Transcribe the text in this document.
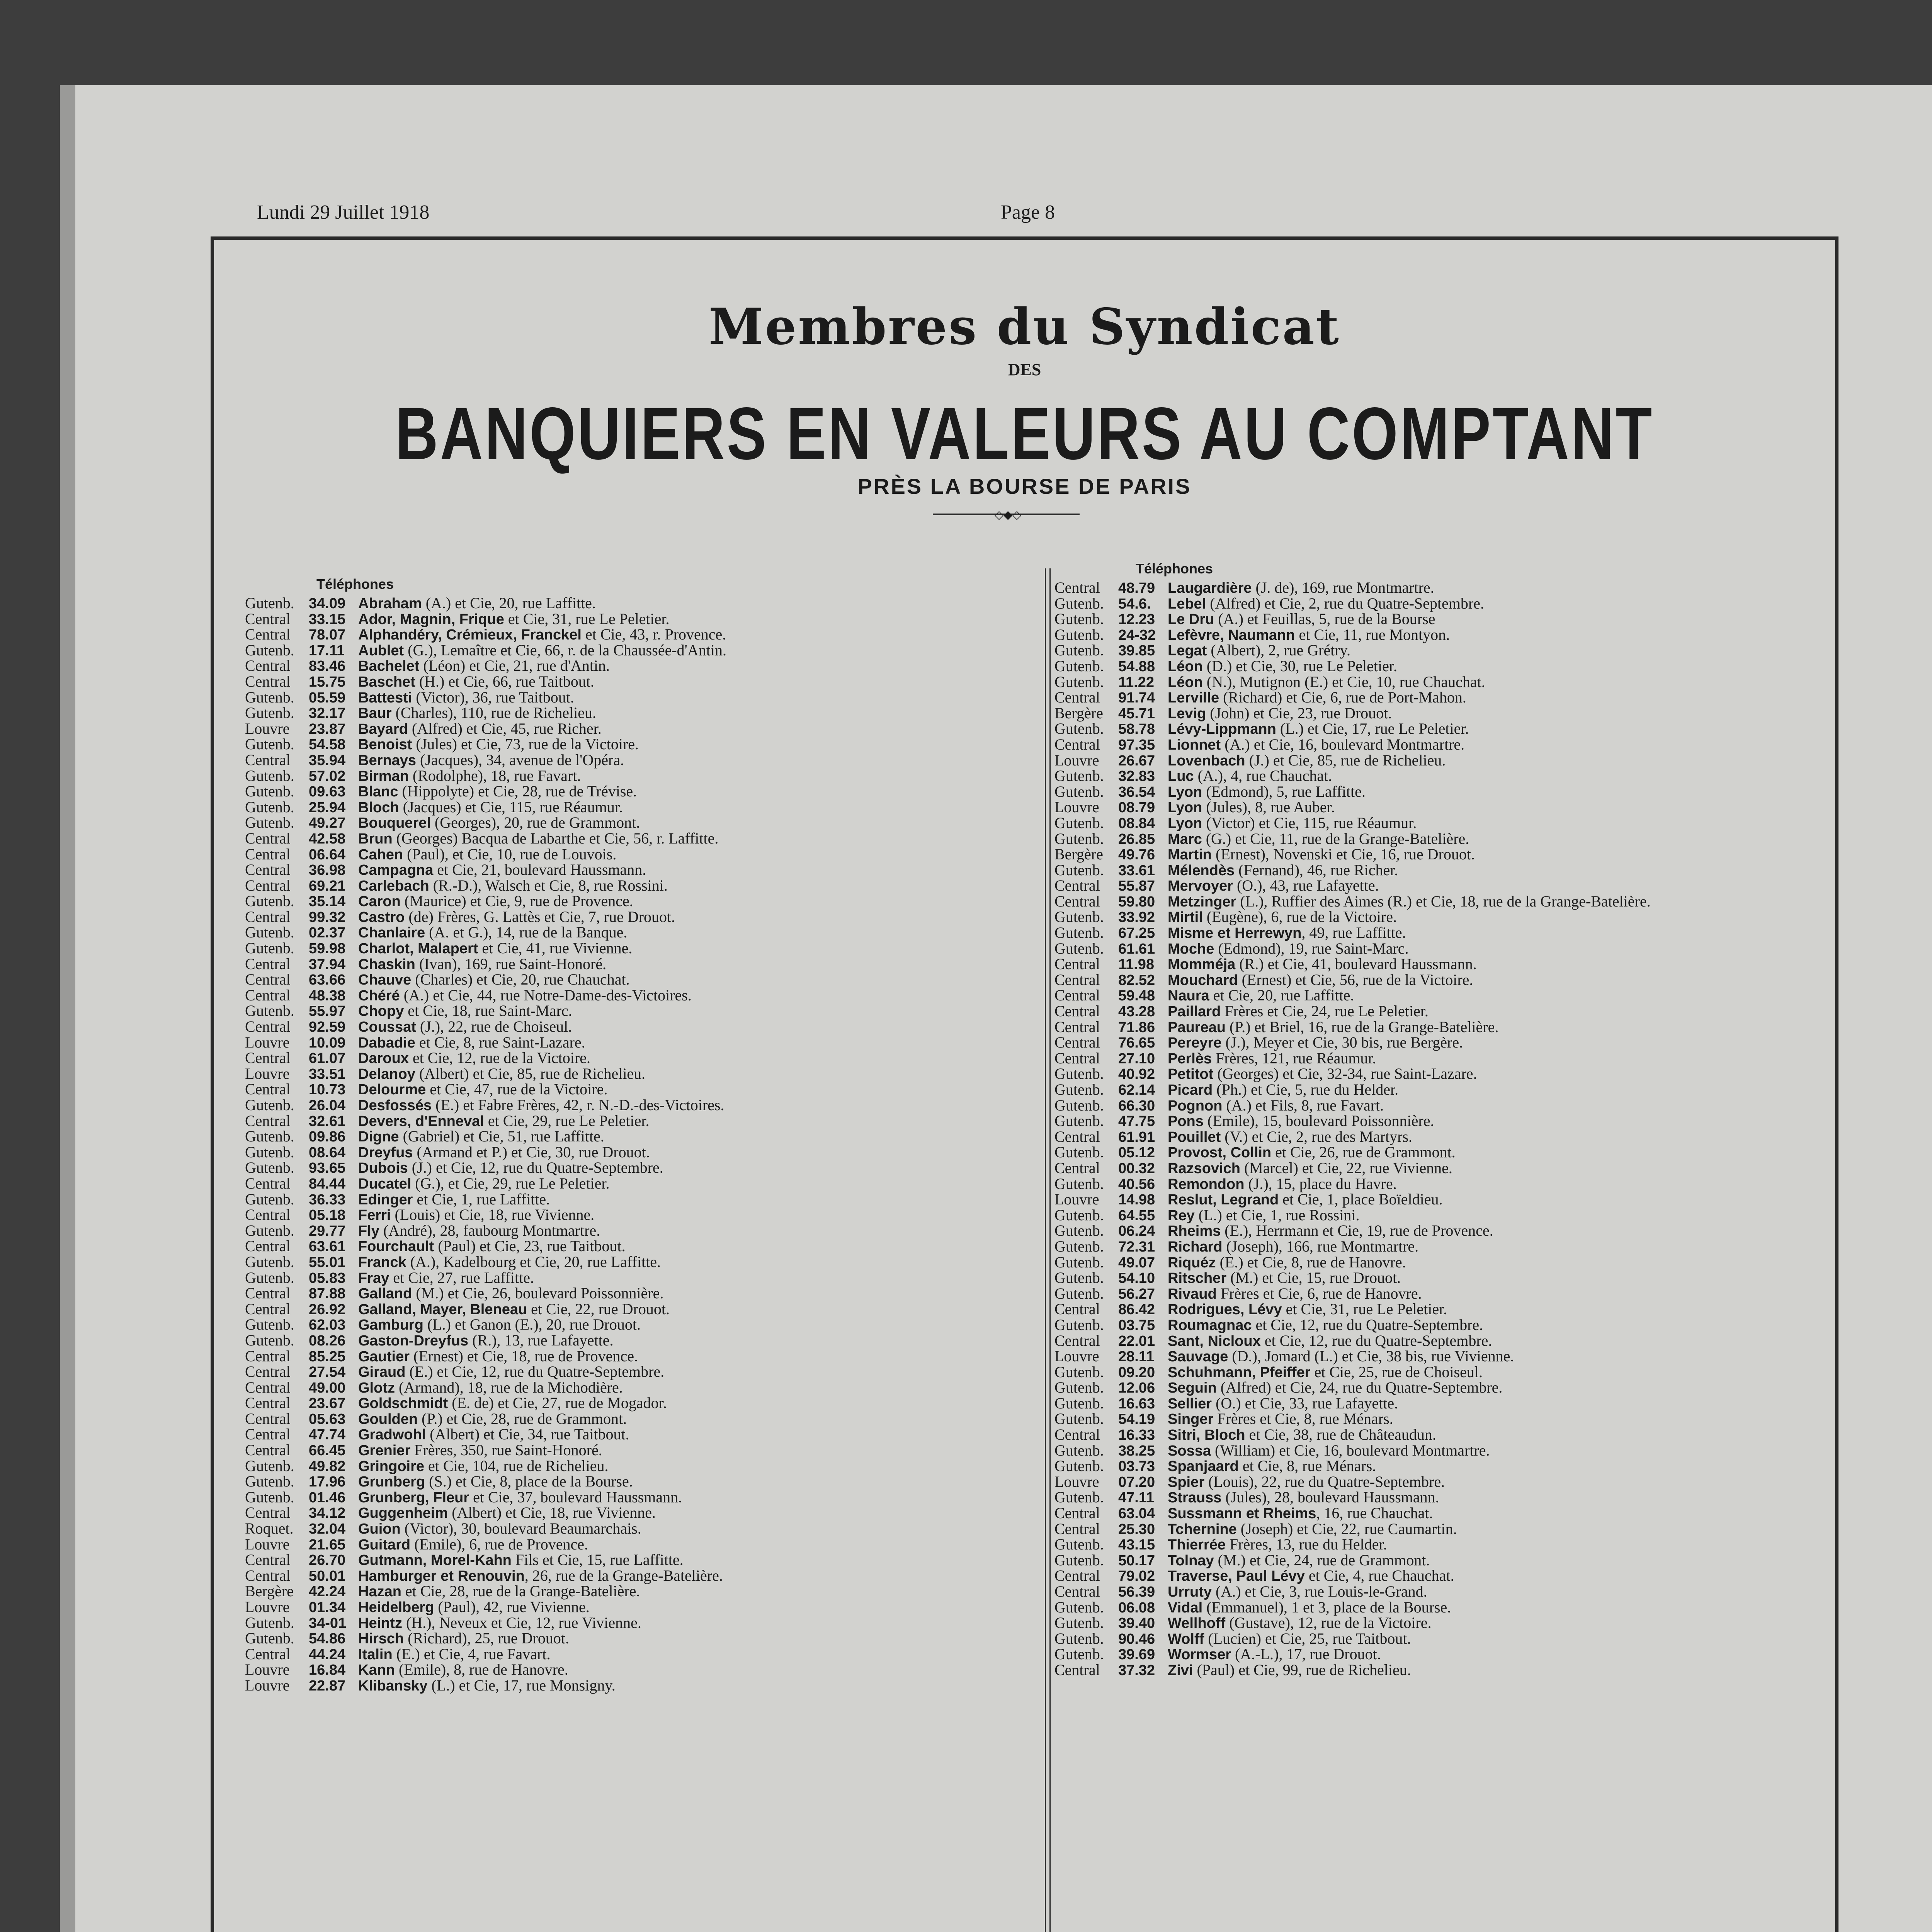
Lundi 29 Juillet 1918	Page 8
Membres du Syndicat
DES
BANQUIERS EN VALEURS AU COMPTANT
PRÈS LA BOURSE DE PARIS
◇◆◇
Téléphones
Téléphones
Gutenb. 34.09 Abraham (A.) et Cie, 20, rue Laffitte.
Central 33.15 Ador, Magnin, Frique et Cie, 31, rue Le Peletier.
Central 78.07 Alphandéry, Crémieux, Franckel et Cie, 43, r. Provence.
Gutenb. 17.11 Aublet (G.), Lemaître et Cie, 66, r. de la Chaussée-d'Antin.
Central 83.46 Bachelet (Léon) et Cie, 21, rue d'Antin.
Central 15.75 Baschet (H.) et Cie, 66, rue Taitbout.
Gutenb. 05.59 Battesti (Victor), 36, rue Taitbout.
Gutenb. 32.17 Baur (Charles), 110, rue de Richelieu.
Louvre 23.87 Bayard (Alfred) et Cie, 45, rue Richer.
Gutenb. 54.58 Benoist (Jules) et Cie, 73, rue de la Victoire.
Central 35.94 Bernays (Jacques), 34, avenue de l'Opéra.
Gutenb. 57.02 Birman (Rodolphe), 18, rue Favart.
Gutenb. 09.63 Blanc (Hippolyte) et Cie, 28, rue de Trévise.
Gutenb. 25.94 Bloch (Jacques) et Cie, 115, rue Réaumur.
Gutenb. 49.27 Bouquerel (Georges), 20, rue de Grammont.
Central 42.58 Brun (Georges) Bacqua de Labarthe et Cie, 56, r. Laffitte.
Central 06.64 Cahen (Paul), et Cie, 10, rue de Louvois.
Central 36.98 Campagna et Cie, 21, boulevard Haussmann.
Central 69.21 Carlebach (R.-D.), Walsch et Cie, 8, rue Rossini.
Gutenb. 35.14 Caron (Maurice) et Cie, 9, rue de Provence.
Central 99.32 Castro (de) Frères, G. Lattès et Cie, 7, rue Drouot.
Gutenb. 02.37 Chanlaire (A. et G.), 14, rue de la Banque.
Gutenb. 59.98 Charlot, Malapert et Cie, 41, rue Vivienne.
Central 37.94 Chaskin (Ivan), 169, rue Saint-Honoré.
Central 63.66 Chauve (Charles) et Cie, 20, rue Chauchat.
Central 48.38 Chéré (A.) et Cie, 44, rue Notre-Dame-des-Victoires.
Gutenb. 55.97 Chopy et Cie, 18, rue Saint-Marc.
Central 92.59 Coussat (J.), 22, rue de Choiseul.
Louvre 10.09 Dabadie et Cie, 8, rue Saint-Lazare.
Central 61.07 Daroux et Cie, 12, rue de la Victoire.
Louvre 33.51 Delanoy (Albert) et Cie, 85, rue de Richelieu.
Central 10.73 Delourme et Cie, 47, rue de la Victoire.
Gutenb. 26.04 Desfossés (E.) et Fabre Frères, 42, r. N.-D.-des-Victoires.
Central 32.61 Devers, d'Enneval et Cie, 29, rue Le Peletier.
Gutenb. 09.86 Digne (Gabriel) et Cie, 51, rue Laffitte.
Gutenb. 08.64 Dreyfus (Armand et P.) et Cie, 30, rue Drouot.
Gutenb. 93.65 Dubois (J.) et Cie, 12, rue du Quatre-Septembre.
Central 84.44 Ducatel (G.), et Cie, 29, rue Le Peletier.
Gutenb. 36.33 Edinger et Cie, 1, rue Laffitte.
Central 05.18 Ferri (Louis) et Cie, 18, rue Vivienne.
Gutenb. 29.77 Fly (André), 28, faubourg Montmartre.
Central 63.61 Fourchault (Paul) et Cie, 23, rue Taitbout.
Gutenb. 55.01 Franck (A.), Kadelbourg et Cie, 20, rue Laffitte.
Gutenb. 05.83 Fray et Cie, 27, rue Laffitte.
Central 87.88 Galland (M.) et Cie, 26, boulevard Poissonnière.
Central 26.92 Galland, Mayer, Bleneau et Cie, 22, rue Drouot.
Gutenb. 62.03 Gamburg (L.) et Ganon (E.), 20, rue Drouot.
Gutenb. 08.26 Gaston-Dreyfus (R.), 13, rue Lafayette.
Central 85.25 Gautier (Ernest) et Cie, 18, rue de Provence.
Central 27.54 Giraud (E.) et Cie, 12, rue du Quatre-Septembre.
Central 49.00 Glotz (Armand), 18, rue de la Michodière.
Central 23.67 Goldschmidt (E. de) et Cie, 27, rue de Mogador.
Central 05.63 Goulden (P.) et Cie, 28, rue de Grammont.
Central 47.74 Gradwohl (Albert) et Cie, 34, rue Taitbout.
Central 66.45 Grenier Frères, 350, rue Saint-Honoré.
Gutenb. 49.82 Gringoire et Cie, 104, rue de Richelieu.
Gutenb. 17.96 Grunberg (S.) et Cie, 8, place de la Bourse.
Gutenb. 01.46 Grunberg, Fleur et Cie, 37, boulevard Haussmann.
Central 34.12 Guggenheim (Albert) et Cie, 18, rue Vivienne.
Roquet. 32.04 Guion (Victor), 30, boulevard Beaumarchais.
Louvre 21.65 Guitard (Emile), 6, rue de Provence.
Central 26.70 Gutmann, Morel-Kahn Fils et Cie, 15, rue Laffitte.
Central 50.01 Hamburger et Renouvin, 26, rue de la Grange-Batelière.
Bergère 42.24 Hazan et Cie, 28, rue de la Grange-Batelière.
Louvre 01.34 Heidelberg (Paul), 42, rue Vivienne.
Gutenb. 34-01 Heintz (H.), Neveux et Cie, 12, rue Vivienne.
Gutenb. 54.86 Hirsch (Richard), 25, rue Drouot.
Central 44.24 Italin (E.) et Cie, 4, rue Favart.
Louvre 16.84 Kann (Emile), 8, rue de Hanovre.
Louvre 22.87 Klibansky (L.) et Cie, 17, rue Monsigny.
Central 48.79 Laugardière (J. de), 169, rue Montmartre.
Gutenb. 54.6. Lebel (Alfred) et Cie, 2, rue du Quatre-Septembre.
Gutenb. 12.23 Le Dru (A.) et Feuillas, 5, rue de la Bourse
Gutenb. 24-32 Lefèvre, Naumann et Cie, 11, rue Montyon.
Gutenb. 39.85 Legat (Albert), 2, rue Grétry.
Gutenb. 54.88 Léon (D.) et Cie, 30, rue Le Peletier.
Gutenb. 11.22 Léon (N.), Mutignon (E.) et Cie, 10, rue Chauchat.
Central 91.74 Lerville (Richard) et Cie, 6, rue de Port-Mahon.
Bergère 45.71 Levig (John) et Cie, 23, rue Drouot.
Gutenb. 58.78 Lévy-Lippmann (L.) et Cie, 17, rue Le Peletier.
Central 97.35 Lionnet (A.) et Cie, 16, boulevard Montmartre.
Louvre 26.67 Lovenbach (J.) et Cie, 85, rue de Richelieu.
Gutenb. 32.83 Luc (A.), 4, rue Chauchat.
Gutenb. 36.54 Lyon (Edmond), 5, rue Laffitte.
Louvre 08.79 Lyon (Jules), 8, rue Auber.
Gutenb. 08.84 Lyon (Victor) et Cie, 115, rue Réaumur.
Gutenb. 26.85 Marc (G.) et Cie, 11, rue de la Grange-Batelière.
Bergère 49.76 Martin (Ernest), Novenski et Cie, 16, rue Drouot.
Gutenb. 33.61 Mélendès (Fernand), 46, rue Richer.
Central 55.87 Mervoyer (O.), 43, rue Lafayette.
Central 59.80 Metzinger (L.), Ruffier des Aimes (R.) et Cie, 18, rue de la Grange-Batelière.
Gutenb. 33.92 Mirtil (Eugène), 6, rue de la Victoire.
Gutenb. 67.25 Misme et Herrewyn, 49, rue Laffitte.
Gutenb. 61.61 Moche (Edmond), 19, rue Saint-Marc.
Central 11.98 Momméja (R.) et Cie, 41, boulevard Haussmann.
Central 82.52 Mouchard (Ernest) et Cie, 56, rue de la Victoire.
Central 59.48 Naura et Cie, 20, rue Laffitte.
Central 43.28 Paillard Frères et Cie, 24, rue Le Peletier.
Central 71.86 Paureau (P.) et Briel, 16, rue de la Grange-Batelière.
Central 76.65 Pereyre (J.), Meyer et Cie, 30 bis, rue Bergère.
Central 27.10 Perlès Frères, 121, rue Réaumur.
Gutenb. 40.92 Petitot (Georges) et Cie, 32-34, rue Saint-Lazare.
Gutenb. 62.14 Picard (Ph.) et Cie, 5, rue du Helder.
Gutenb. 66.30 Pognon (A.) et Fils, 8, rue Favart.
Gutenb. 47.75 Pons (Emile), 15, boulevard Poissonnière.
Central 61.91 Pouillet (V.) et Cie, 2, rue des Martyrs.
Gutenb. 05.12 Provost, Collin et Cie, 26, rue de Grammont.
Central 00.32 Razsovich (Marcel) et Cie, 22, rue Vivienne.
Gutenb. 40.56 Remondon (J.), 15, place du Havre.
Louvre 14.98 Reslut, Legrand et Cie, 1, place Boïeldieu.
Gutenb. 64.55 Rey (L.) et Cie, 1, rue Rossini.
Gutenb. 06.24 Rheims (E.), Herrmann et Cie, 19, rue de Provence.
Gutenb. 72.31 Richard (Joseph), 166, rue Montmartre.
Gutenb. 49.07 Riquéz (E.) et Cie, 8, rue de Hanovre.
Gutenb. 54.10 Ritscher (M.) et Cie, 15, rue Drouot.
Gutenb. 56.27 Rivaud Frères et Cie, 6, rue de Hanovre.
Central 86.42 Rodrigues, Lévy et Cie, 31, rue Le Peletier.
Gutenb. 03.75 Roumagnac et Cie, 12, rue du Quatre-Septembre.
Central 22.01 Sant, Nicloux et Cie, 12, rue du Quatre-Septembre.
Louvre 28.11 Sauvage (D.), Jomard (L.) et Cie, 38 bis, rue Vivienne.
Gutenb. 09.20 Schuhmann, Pfeiffer et Cie, 25, rue de Choiseul.
Gutenb. 12.06 Seguin (Alfred) et Cie, 24, rue du Quatre-Septembre.
Gutenb. 16.63 Sellier (O.) et Cie, 33, rue Lafayette.
Gutenb. 54.19 Singer Frères et Cie, 8, rue Ménars.
Central 16.33 Sitri, Bloch et Cie, 38, rue de Châteaudun.
Gutenb. 38.25 Sossa (William) et Cie, 16, boulevard Montmartre.
Gutenb. 03.73 Spanjaard et Cie, 8, rue Ménars.
Louvre 07.20 Spier (Louis), 22, rue du Quatre-Septembre.
Gutenb. 47.11 Strauss (Jules), 28, boulevard Haussmann.
Central 63.04 Sussmann et Rheims, 16, rue Chauchat.
Central 25.30 Tchernine (Joseph) et Cie, 22, rue Caumartin.
Gutenb. 43.15 Thierrée Frères, 13, rue du Helder.
Gutenb. 50.17 Tolnay (M.) et Cie, 24, rue de Grammont.
Central 79.02 Traverse, Paul Lévy et Cie, 4, rue Chauchat.
Central 56.39 Urruty (A.) et Cie, 3, rue Louis-le-Grand.
Gutenb. 06.08 Vidal (Emmanuel), 1 et 3, place de la Bourse.
Gutenb. 39.40 Wellhoff (Gustave), 12, rue de la Victoire.
Gutenb. 90.46 Wolff (Lucien) et Cie, 25, rue Taitbout.
Gutenb. 39.69 Wormser (A.-L.), 17, rue Drouot.
Central 37.32 Zivi (Paul) et Cie, 99, rue de Richelieu.
